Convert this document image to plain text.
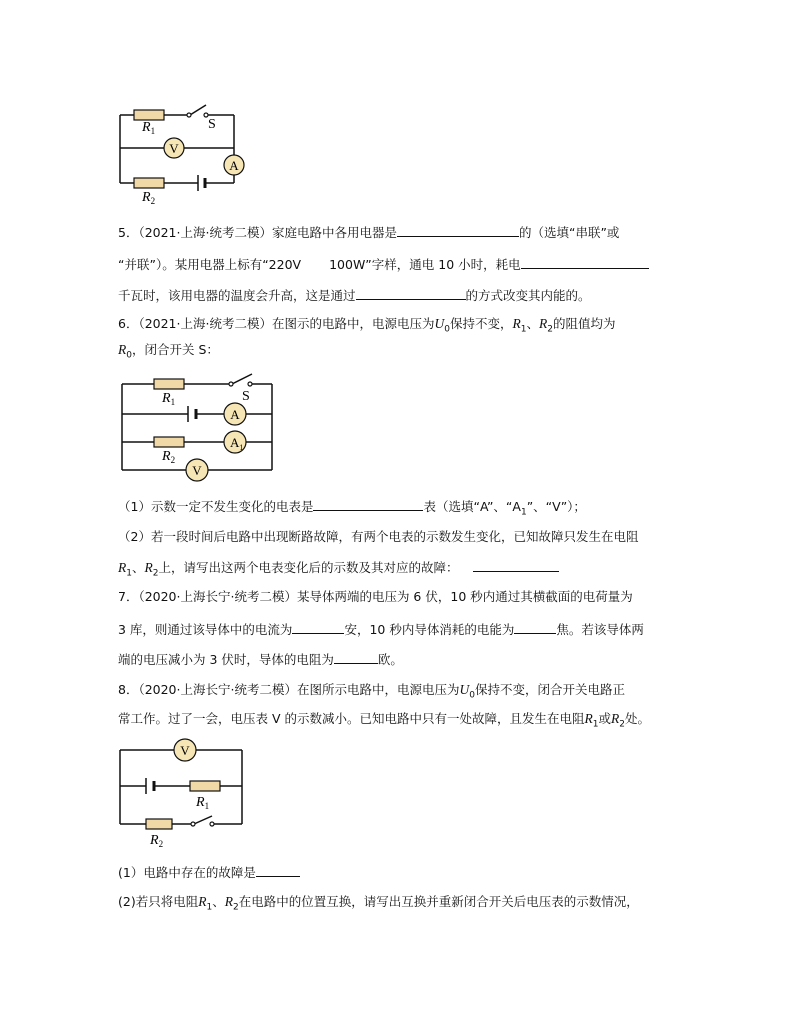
V
A
S
$R_1$
$R_2$
5．（2021·上海·统考二模）家庭电路中各用电器是	的（选填“串联”或
“并联”）。某用电器上标有“220V 100W”字样，通电 10 小时，耗电
千瓦时，该用电器的温度会升高，这是通过	的方式改变其内能的。
6．（2021·上海·统考二模）在图示的电路中，电源电压为$U_0$保持不变，$R_1$、$R_2$的阻值均为
$R_0$，闭合开关 S：
A
$A_1$
V
S
$R_1$
$R_2$
（1）示数一定不发生变化的电表是	表（选填“A”、“$A_1$”、“V”）；
（2）若一段时间后电路中出现断路故障，有两个电表的示数发生变化，已知故障只发生在电阻
$R_1$、$R_2$上，请写出这两个电表变化后的示数及其对应的故障：
7．（2020·上海长宁·统考二模）某导体两端的电压为 6 伏，10 秒内通过其横截面的电荷量为
3 库，则通过该导体中的电流为	安，10 秒内导体消耗的电能为	焦。若该导体两
端的电压减小为 3 伏时，导体的电阻为	欧。
8．（2020·上海长宁·统考二模）在图所示电路中，电源电压为$U_0$保持不变，闭合开关电路正
常工作。过了一会，电压表 V 的示数减小。已知电路中只有一处故障，且发生在电阻$R_1$或$R_2$处。
V
$R_1$
$R_2$
(1）电路中存在的故障是
(2)若只将电阻$R_1$、$R_2$在电路中的位置互换，请写出互换并重新闭合开关后电压表的示数情况，
